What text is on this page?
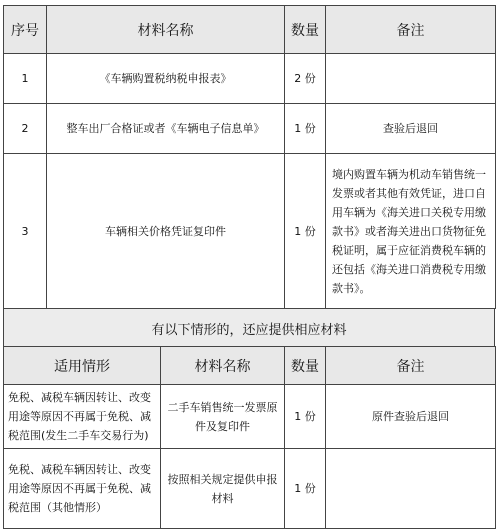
序号	材料名称	数量	备注
1	《车辆购置税纳税申报表》	2 份	
2	整车出厂合格证或者《车辆电子信息单》	1 份	查验后退回
3	车辆相关价格凭证复印件	1 份	境内购置车辆为机动车销售统一发票或者其他有效凭证，进口自用车辆为《海关进口关税专用缴款书》或者海关进出口货物征免税证明，属于应征消费税车辆的还包括《海关进口消费税专用缴款书》。
有以下情形的，还应提供相应材料
适用情形	材料名称	数量	备注
免税、减税车辆因转让、改变用途等原因不再属于免税、减税范围(发生二手车交易行为)	二手车销售统一发票原件及复印件	1 份	原件查验后退回
免税、减税车辆因转让、改变用途等原因不再属于免税、减税范围（其他情形）	按照相关规定提供申报材料	1 份	
